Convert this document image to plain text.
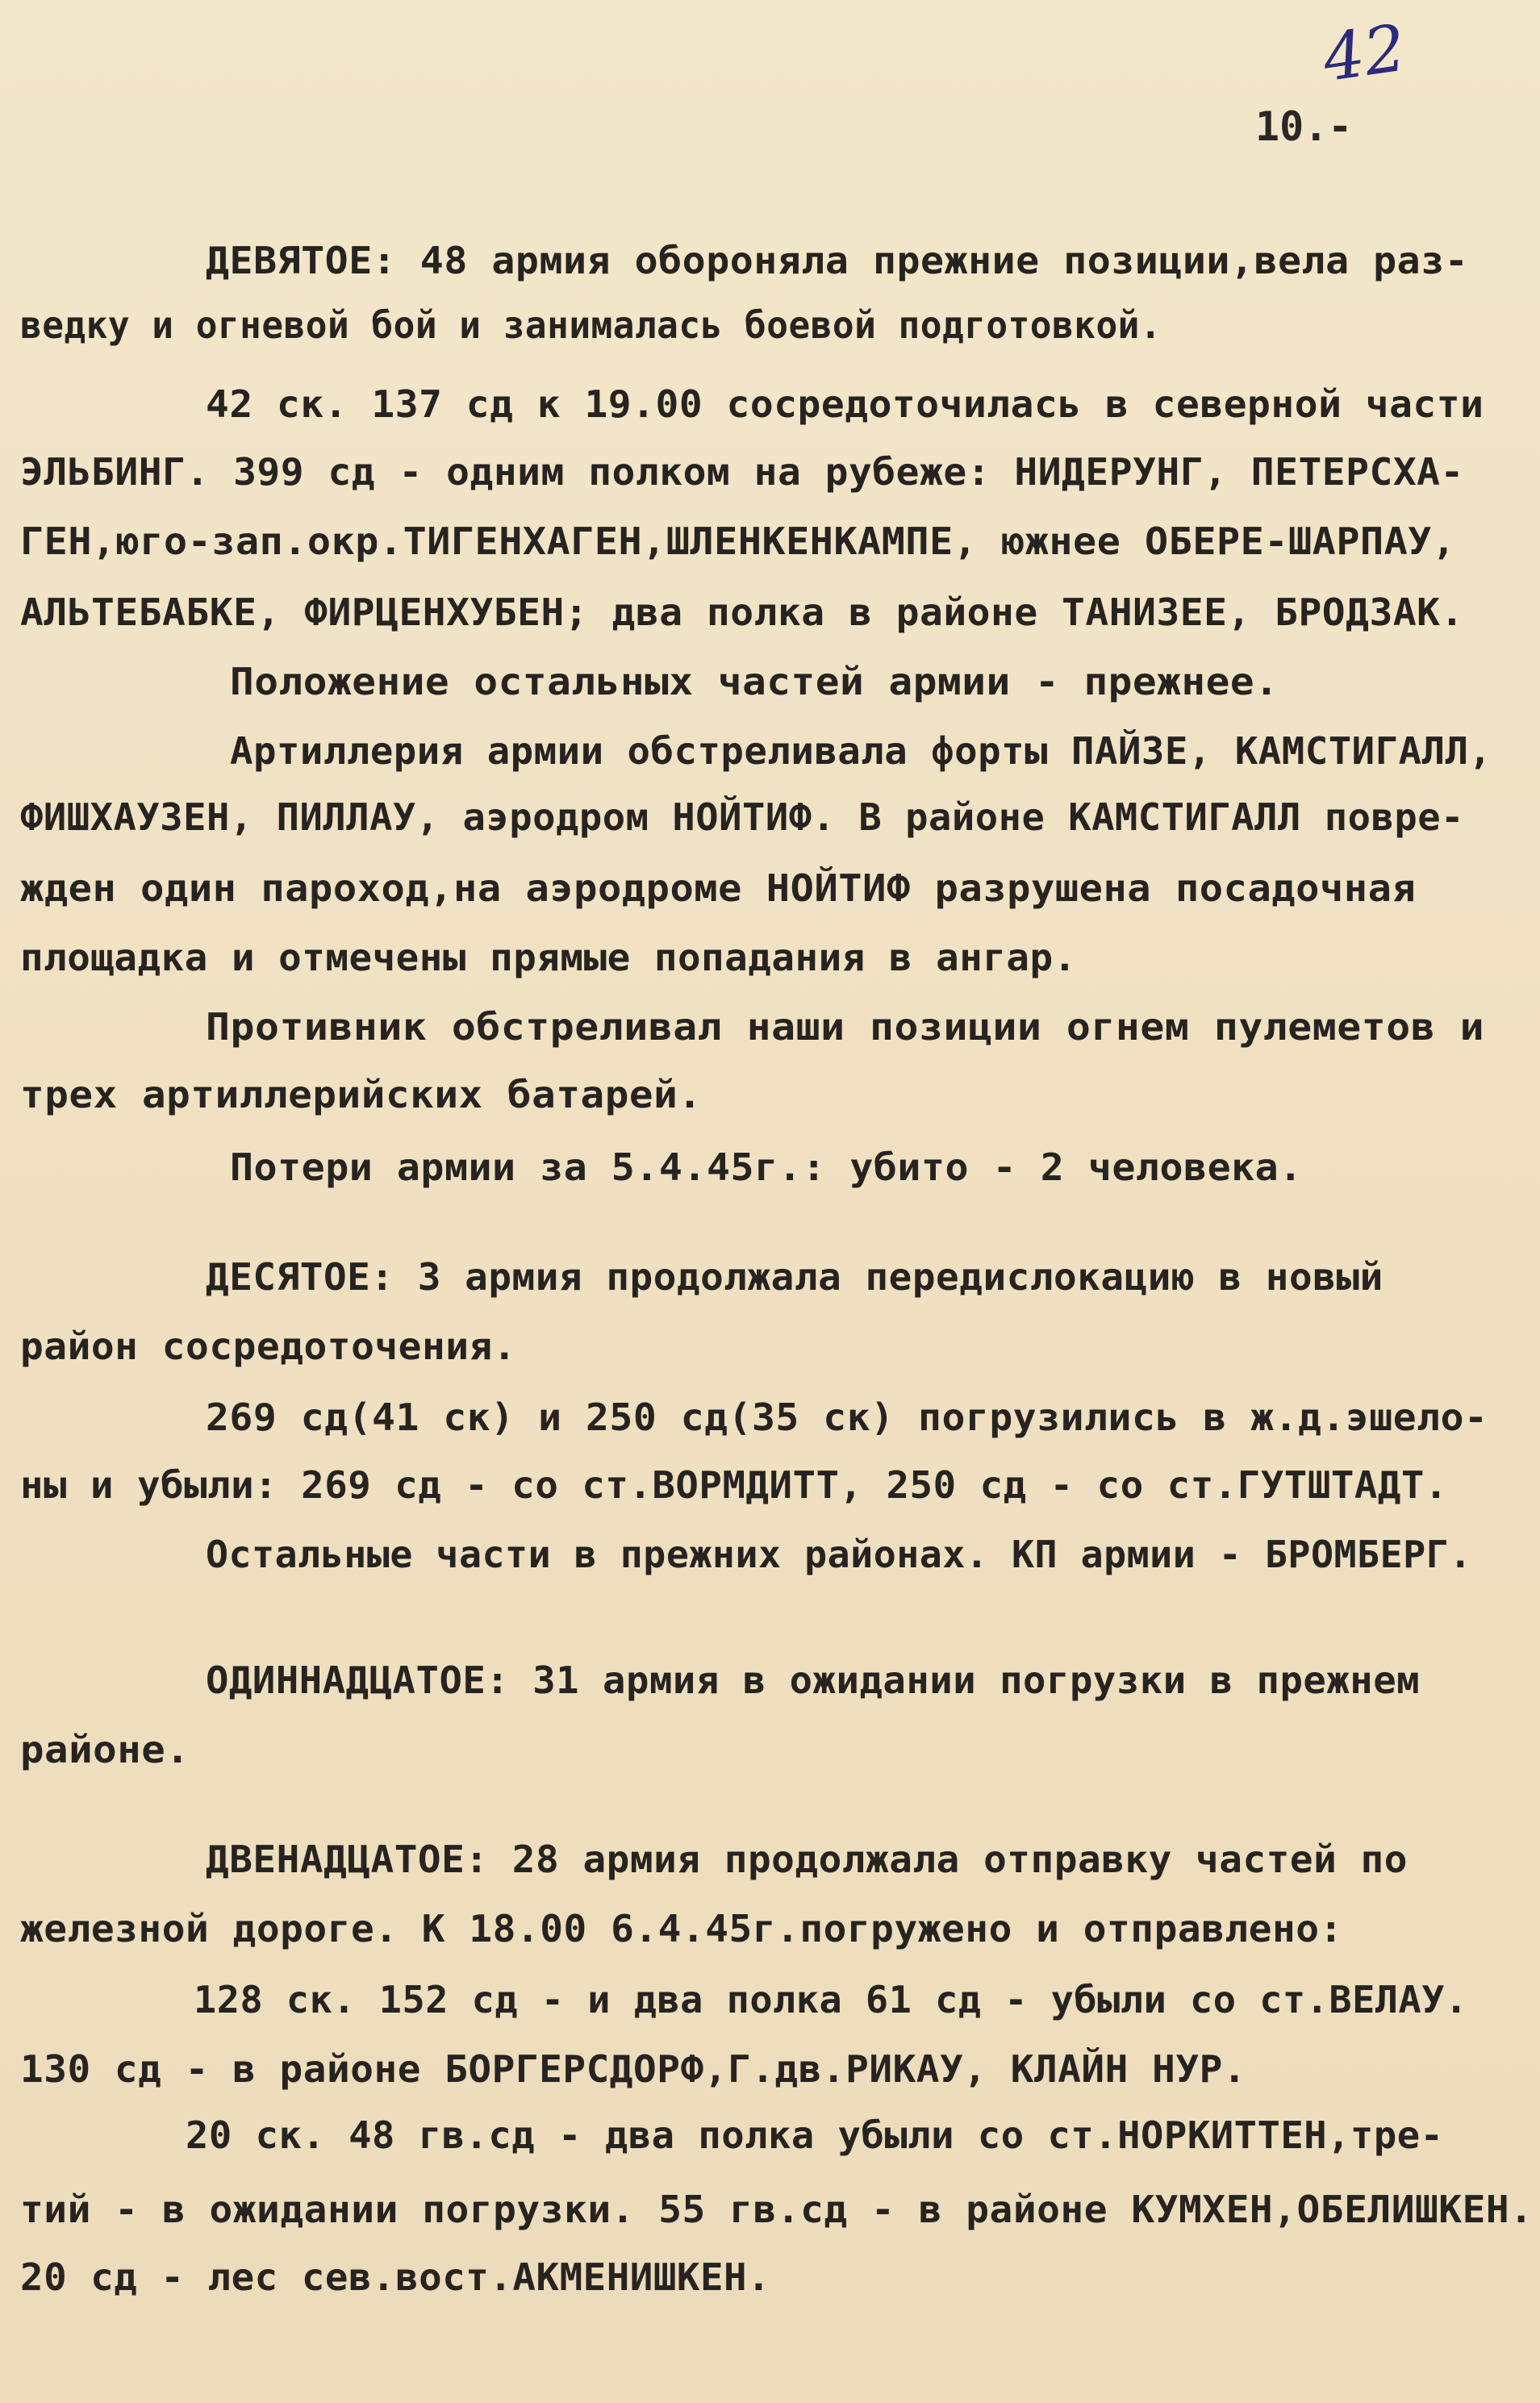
42
10.-
ДЕВЯТОЕ: 48 армия обороняла прежние позиции,вела раз-
ведку и огневой бой и занималась боевой подготовкой.
42 ск. 137 сд к 19.00 сосредоточилась в северной части
ЭЛЬБИНГ. 399 сд - одним полком на рубеже: НИДЕРУНГ, ПЕТЕРСХА-
ГЕН,юго-зап.окр.ТИГЕНХАГЕН,ШЛЕНКЕНКАМПЕ, южнее ОБЕРЕ-ШАРПАУ,
АЛЬТЕБАБКЕ, ФИРЦЕНХУБЕН; два полка в районе ТАНИЗЕЕ, БРОДЗАК.
Положение остальных частей армии - прежнее.
Артиллерия армии обстреливала форты ПАЙЗЕ, КАМСТИГАЛЛ,
ФИШХАУЗЕН, ПИЛЛАУ, аэродром НОЙТИФ. В районе КАМСТИГАЛЛ повре-
жден один пароход,на аэродроме НОЙТИФ разрушена посадочная
площадка и отмечены прямые попадания в ангар.
Противник обстреливал наши позиции огнем пулеметов и
трех артиллерийских батарей.
Потери армии за 5.4.45г.: убито - 2 человека.
ДЕСЯТОЕ: 3 армия продолжала передислокацию в новый
район сосредоточения.
269 сд(41 ск) и 250 сд(35 ск) погрузились в ж.д.эшело-
ны и убыли: 269 сд - со ст.ВОРМДИТТ, 250 сд - со ст.ГУТШТАДТ.
Остальные части в прежних районах. КП армии - БРОМБЕРГ.
ОДИННАДЦАТОЕ: 31 армия в ожидании погрузки в прежнем
районе.
ДВЕНАДЦАТОЕ: 28 армия продолжала отправку частей по
железной дороге. К 18.00 6.4.45г.погружено и отправлено:
128 ск. 152 сд - и два полка 61 сд - убыли со ст.ВЕЛАУ.
130 сд - в районе БОРГЕРСДОРФ,Г.дв.РИКАУ, КЛАЙН НУР.
20 ск. 48 гв.сд - два полка убыли со ст.НОРКИТТЕН,тре-
тий - в ожидании погрузки. 55 гв.сд - в районе КУМХЕН,ОБЕЛИШКЕН.
20 сд - лес сев.вост.АКМЕНИШКЕН.
